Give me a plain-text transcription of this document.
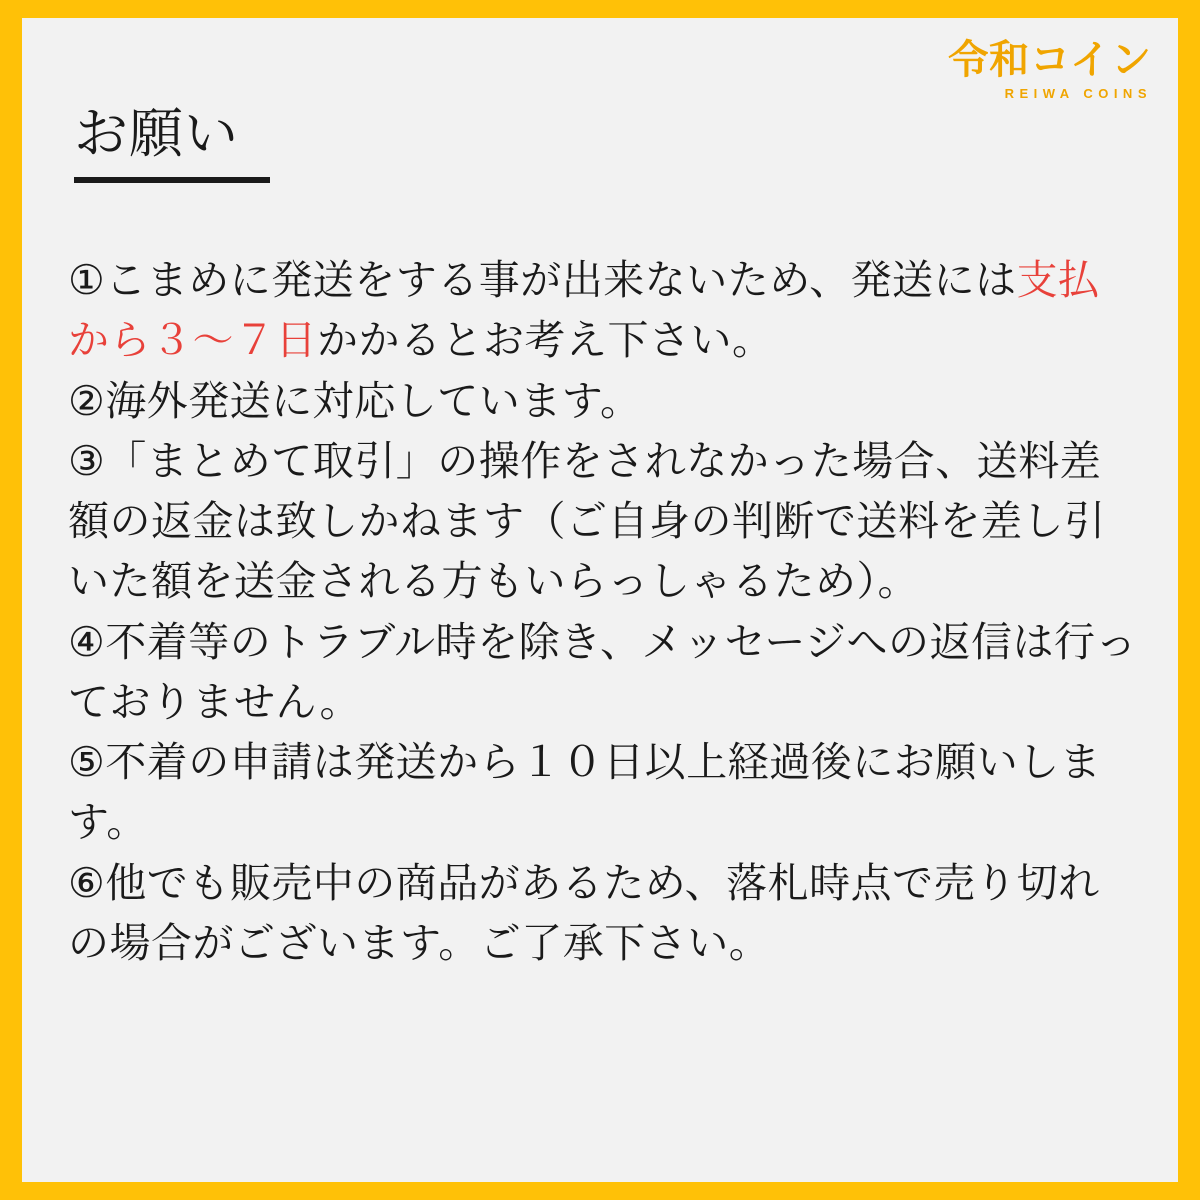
令和コイン
REIWA COINS
お願い

①こまめに発送をする事が出来ないため、発送には支払から３〜７日かかるとお考え下さい。

②海外発送に対応しています。

③「まとめて取引」の操作をされなかった場合、送料差額の返金は致しかねます（ご自身の判断で送料を差し引いた額を送金される方もいらっしゃるため）。

④不着等のトラブル時を除き、メッセージへの返信は行っておりません。

⑤不着の申請は発送から１０日以上経過後にお願いします。

⑥他でも販売中の商品があるため、落札時点で売り切れの場合がございます。ご了承下さい。
